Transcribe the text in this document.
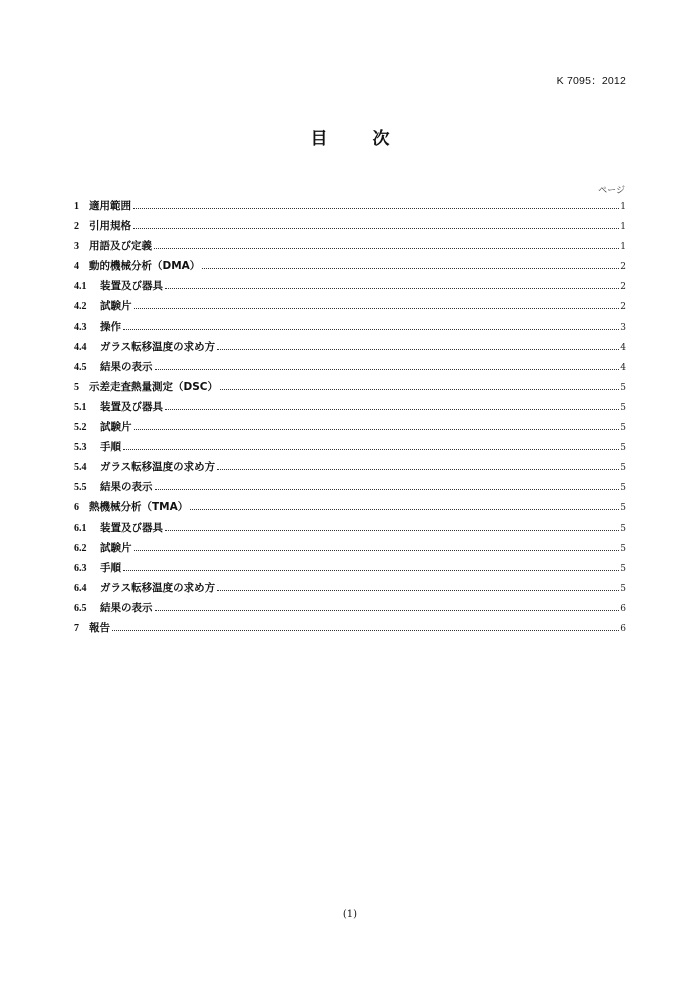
K 7095：2012
目　次
ページ
1 適用範囲	1
2 引用規格	1
3 用語及び定義	1
4 動的機械分析（DMA）	2
4.1	装置及び器具	2
4.2	試験片	2
4.3	操作	3
4.4	ガラス転移温度の求め方	4
4.5	結果の表示	4
5 示差走査熱量測定（DSC）	5
5.1	装置及び器具	5
5.2	試験片	5
5.3	手順	5
5.4	ガラス転移温度の求め方	5
5.5	結果の表示	5
6 熱機械分析（TMA）	5
6.1	装置及び器具	5
6.2	試験片	5
6.3	手順	5
6.4	ガラス転移温度の求め方	5
6.5	結果の表示	6
7 報告	6
(1)
